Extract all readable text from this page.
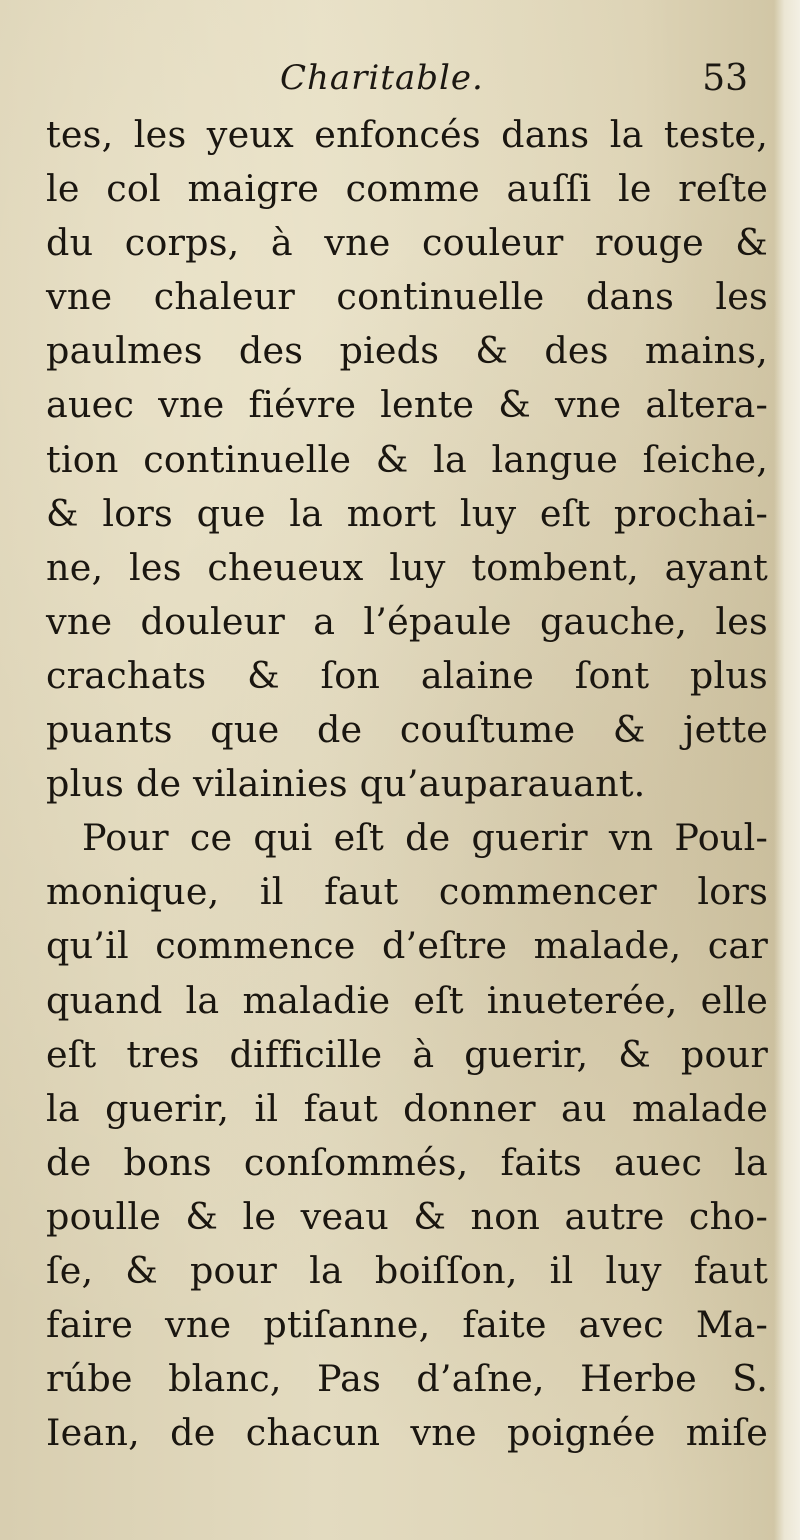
Charitable.	53
tes, les yeux enfoncés dans la teste,
le col maigre comme auſſi le reſte
du corps, à vne couleur rouge &
vne chaleur continuelle dans les
paulmes des pieds & des mains,
auec vne fiévre lente & vne altera-
tion continuelle & la langue ſeiche,
& lors que la mort luy eſt prochai-
ne, les cheueux luy tombent, ayant
vne douleur a l’épaule gauche, les
crachats & ſon alaine ſont plus
puants que de couſtume & jette
plus de vilainies qu’auparauant.
Pour ce qui eſt de guerir vn Poul-
monique, il faut commencer lors
qu’il commence d’eſtre malade, car
quand la maladie eſt inueterée, elle
eſt tres difficille à guerir, & pour
la guerir, il faut donner au malade
de bons conſommés, faits auec la
poulle & le veau & non autre cho-
ſe, & pour la boiſſon, il luy faut
faire vne ptiſanne, faite avec Ma-
rúbe blanc, Pas d’aſne, Herbe S.
Iean, de chacun vne poignée miſe
